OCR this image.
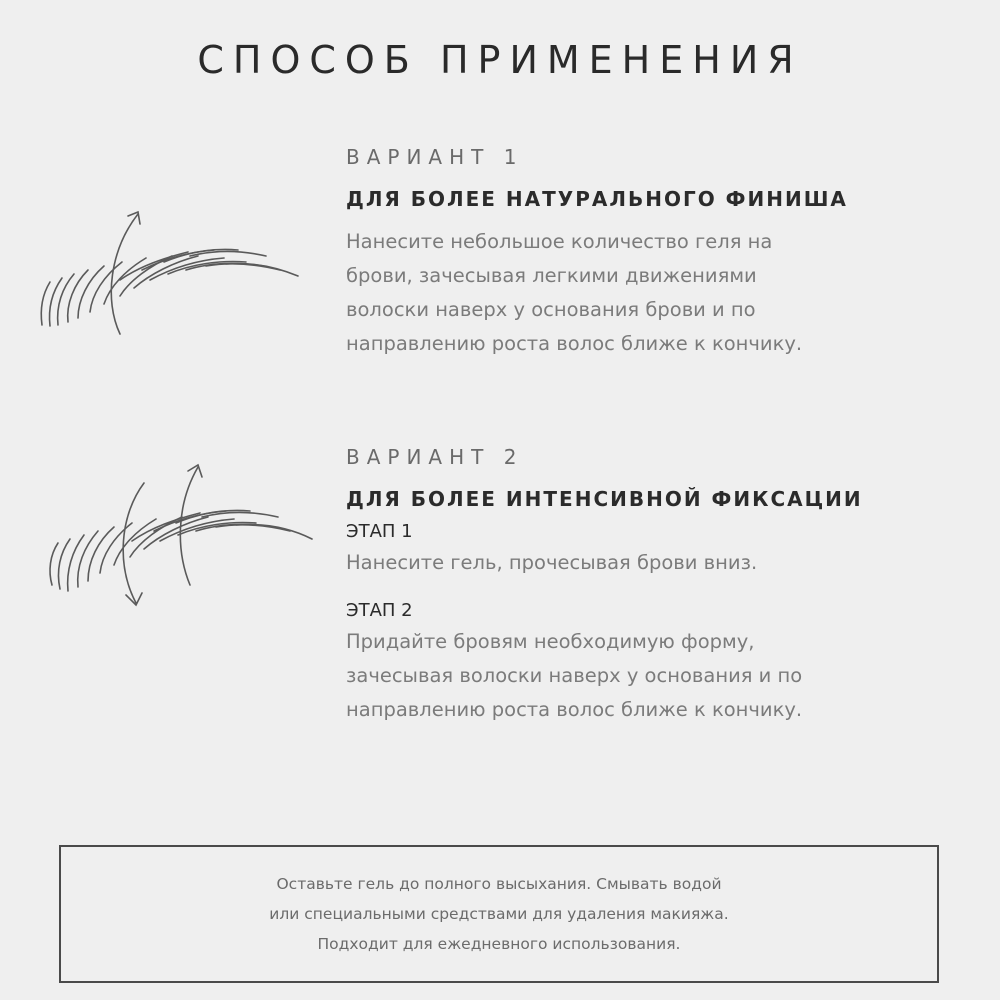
СПОСОБ ПРИМЕНЕНИЯ
ВАРИАНТ 1
ДЛЯ БОЛЕЕ НАТУРАЛЬНОГО ФИНИША
Нанесите небольшое количество геля на
брови, зачесывая легкими движениями
волоски наверх у основания брови и по
направлению роста волос ближе к кончику.
ВАРИАНТ 2
ДЛЯ БОЛЕЕ ИНТЕНСИВНОЙ ФИКСАЦИИ
ЭТАП 1
Нанесите гель, прочесывая брови вниз.
ЭТАП 2
Придайте бровям необходимую форму,
зачесывая волоски наверх у основания и по
направлению роста волос ближе к кончику.
Оставьте гель до полного высыхания. Смывать водой
или специальными средствами для удаления макияжа.
Подходит для ежедневного использования.
